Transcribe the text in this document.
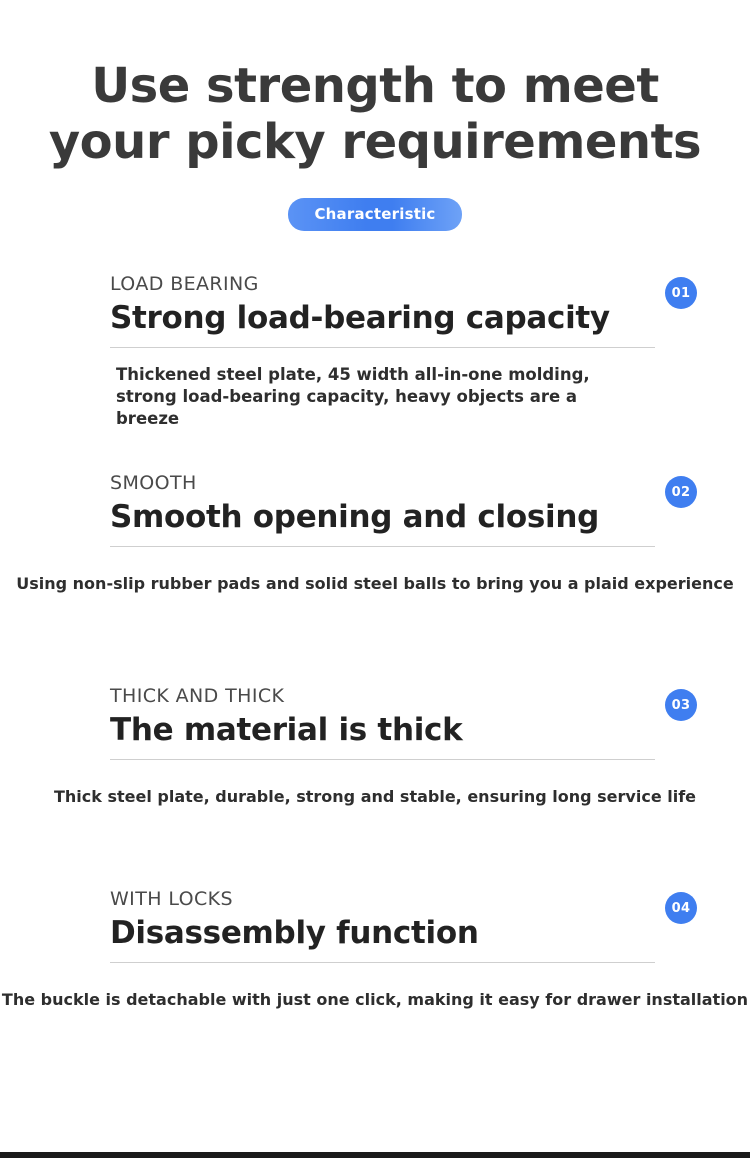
Use strength to meet
your picky requirements
Characteristic
LOAD BEARING
Strong load-bearing capacity
01
Thickened steel plate, 45 width all-in-one molding, strong load-bearing capacity, heavy objects are a breeze
SMOOTH
Smooth opening and closing
02
Using non-slip rubber pads and solid steel balls to bring you a plaid experience
THICK AND THICK
The material is thick
03
Thick steel plate, durable, strong and stable, ensuring long service life
WITH LOCKS
Disassembly function
04
The buckle is detachable with just one click, making it easy for drawer installation
